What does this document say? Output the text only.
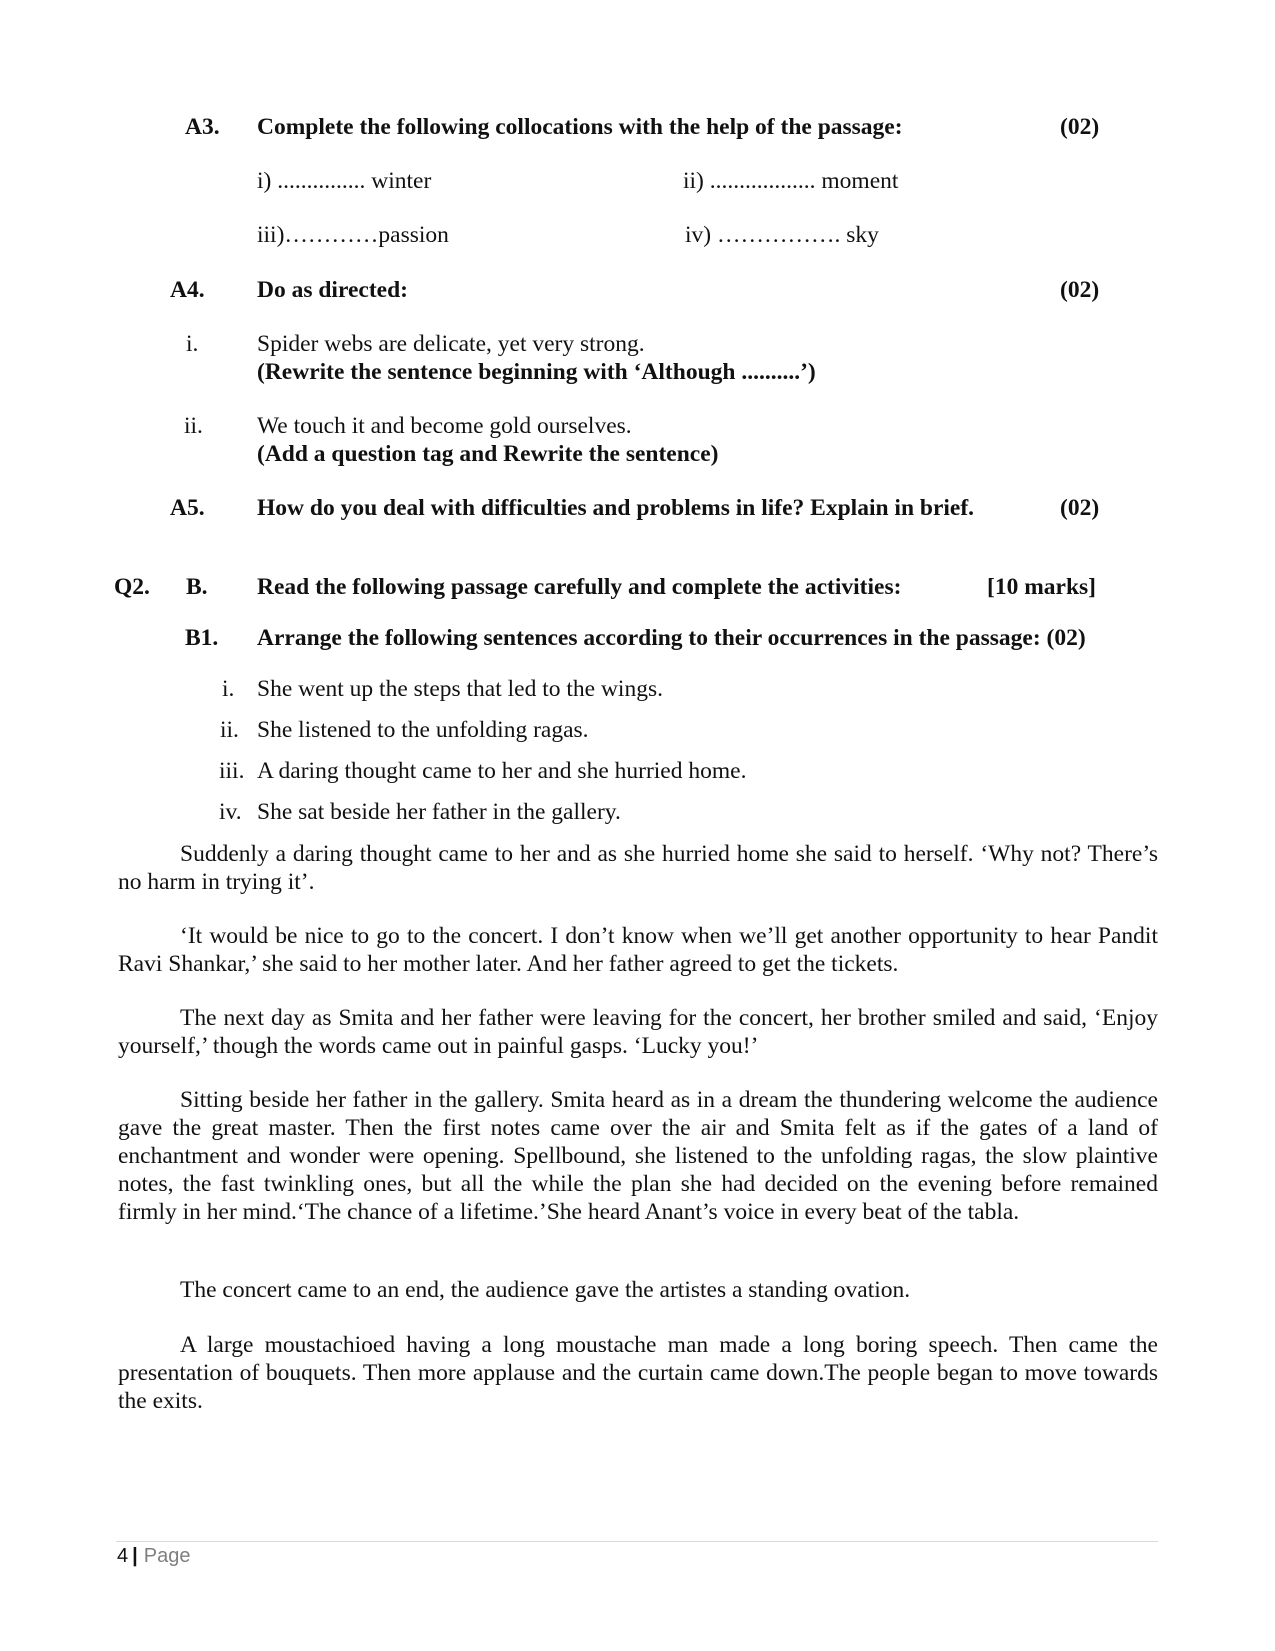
A3. Complete the following collocations with the help of the passage:	(02)
i) ............... winter	ii) .................. moment
iii)…………passion	iv) ……………. sky
A4. Do as directed:	(02)
i. Spider webs are delicate, yet very strong.
(Rewrite the sentence beginning with ‘Although ..........’)
ii. We touch it and become gold ourselves.
(Add a question tag and Rewrite the sentence)
A5. How do you deal with difficulties and problems in life? Explain in brief.	(02)
Q2. B. Read the following passage carefully and complete the activities:	[10 marks]
B1. Arrange the following sentences according to their occurrences in the passage: (02)
i. She went up the steps that led to the wings.
ii. She listened to the unfolding ragas.
iii. A daring thought came to her and she hurried home.
iv. She sat beside her father in the gallery.
Suddenly a daring thought came to her and as she hurried home she said to herself. ‘Why not? There’s no harm in trying it’.
‘It would be nice to go to the concert. I don’t know when we’ll get another opportunity to hear Pandit Ravi Shankar,’ she said to her mother later. And her father agreed to get the tickets.
The next day as Smita and her father were leaving for the concert, her brother smiled and said, ‘Enjoy yourself,’ though the words came out in painful gasps. ‘Lucky you!’
Sitting beside her father in the gallery. Smita heard as in a dream the thundering welcome the audience gave the great master. Then the first notes came over the air and Smita felt as if the gates of a land of enchantment and wonder were opening. Spellbound, she listened to the unfolding ragas, the slow plaintive notes, the fast twinkling ones, but all the while the plan she had decided on the evening before remained firmly in her mind.‘The chance of a lifetime.’She heard Anant’s voice in every beat of the tabla.
The concert came to an end, the audience gave the artistes a standing ovation.
A large moustachioed having a long moustache man made a long boring speech. Then came the presentation of bouquets. Then more applause and the curtain came down.The people began to move towards the exits.
4 | Page
